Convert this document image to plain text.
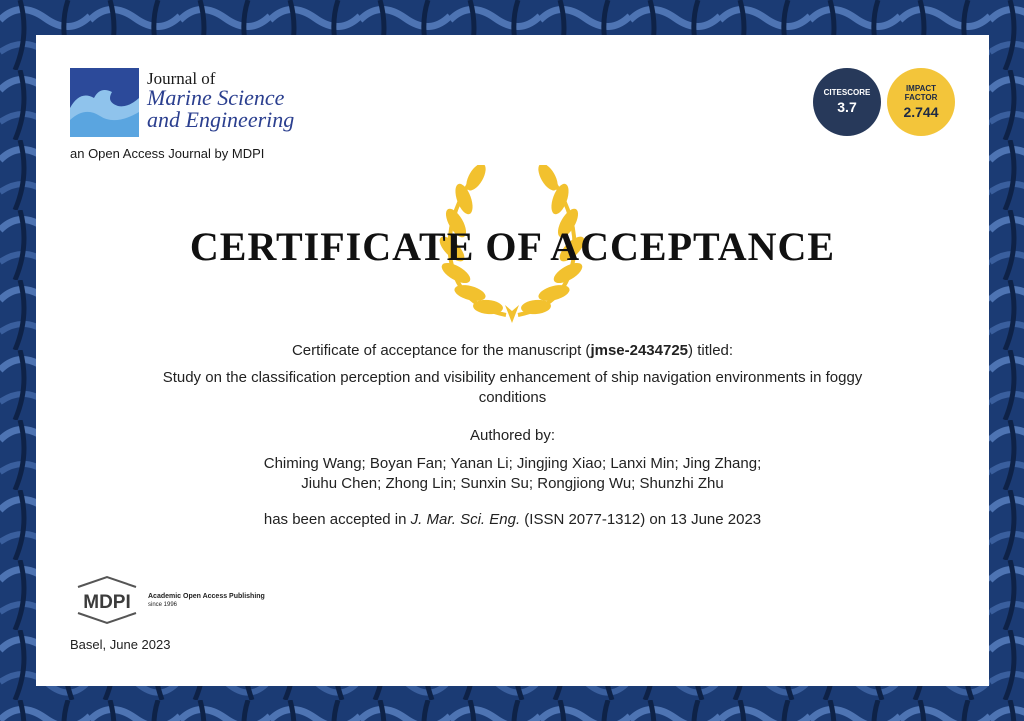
Journal of
Marine Science
and Engineering
an Open Access Journal by MDPI
CITESCORE
3.7
IMPACT
FACTOR
2.744
CERTIFICATE OF ACCEPTANCE
Certificate of acceptance for the manuscript (jmse-2434725) titled:
Study on the classification perception and visibility enhancement of ship navigation environments in foggy
conditions
Authored by:
Chiming Wang; Boyan Fan; Yanan Li; Jingjing Xiao; Lanxi Min; Jing Zhang;
Jiuhu Chen; Zhong Lin; Sunxin Su; Rongjiong Wu; Shunzhi Zhu
has been accepted in J. Mar. Sci. Eng. (ISSN 2077-1312) on 13 June 2023
MDPI Academic Open Access Publishing
since 1996
Basel, June 2023
